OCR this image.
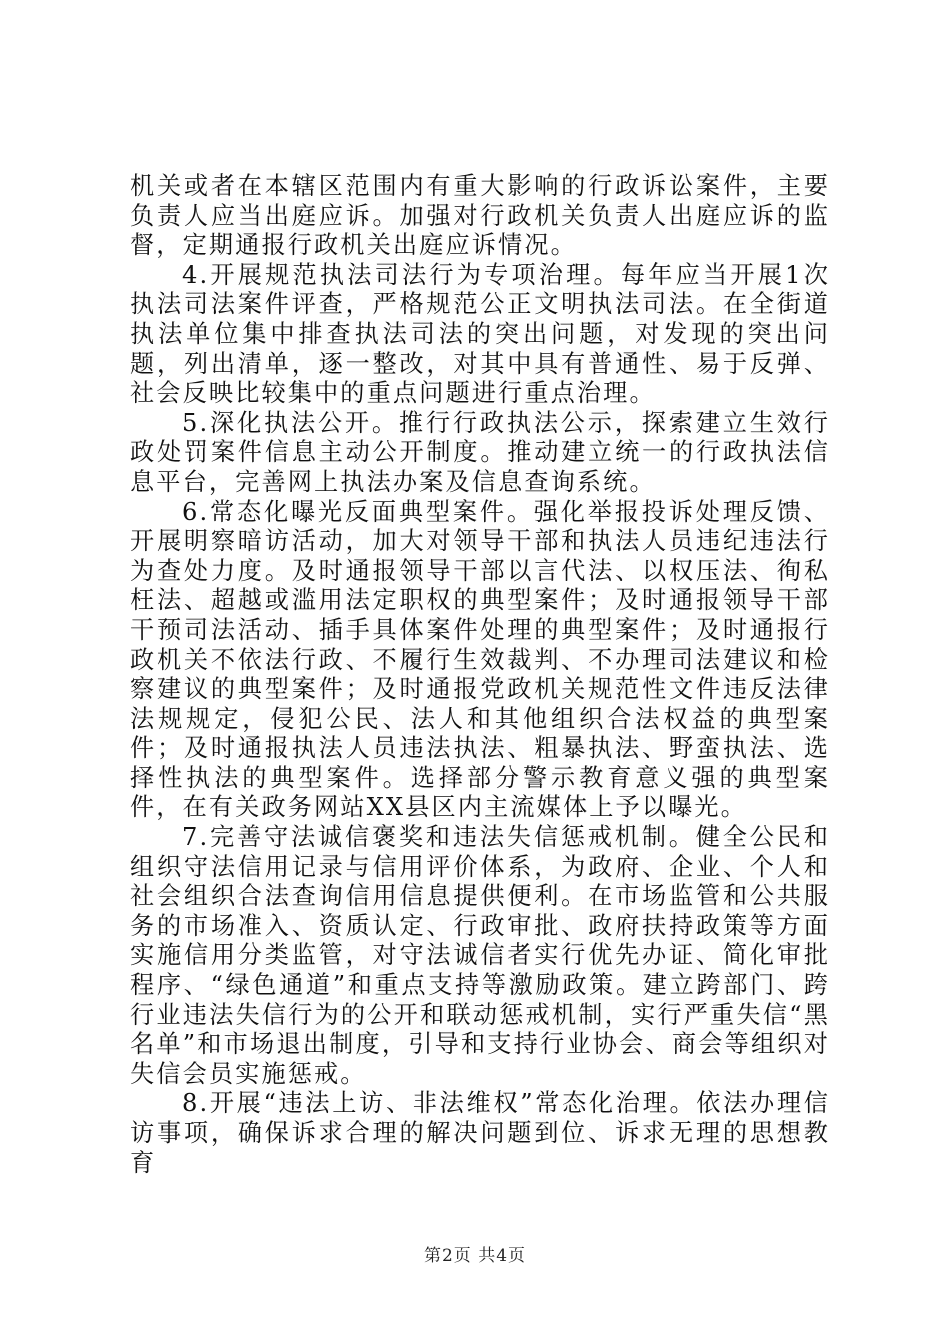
机关或者在本辖区范围内有重大影响的行政诉讼案件，主要负责人应当出庭应诉。加强对行政机关负责人出庭应诉的监督，定期通报行政机关出庭应诉情况。

4.开展规范执法司法行为专项治理。每年应当开展1次执法司法案件评查，严格规范公正文明执法司法。在全街道执法单位集中排查执法司法的突出问题，对发现的突出问题，列出清单，逐一整改，对其中具有普通性、易于反弹、社会反映比较集中的重点问题进行重点治理。

5.深化执法公开。推行行政执法公示，探索建立生效行政处罚案件信息主动公开制度。推动建立统一的行政执法信息平台，完善网上执法办案及信息查询系统。

6.常态化曝光反面典型案件。强化举报投诉处理反馈、开展明察暗访活动，加大对领导干部和执法人员违纪违法行为查处力度。及时通报领导干部以言代法、以权压法、徇私枉法、超越或滥用法定职权的典型案件；及时通报领导干部干预司法活动、插手具体案件处理的典型案件；及时通报行政机关不依法行政、不履行生效裁判、不办理司法建议和检察建议的典型案件；及时通报党政机关规范性文件违反法律法规规定，侵犯公民、法人和其他组织合法权益的典型案件；及时通报执法人员违法执法、粗暴执法、野蛮执法、选择性执法的典型案件。选择部分警示教育意义强的典型案件，在有关政务网站XX县区内主流媒体上予以曝光。

7.完善守法诚信褒奖和违法失信惩戒机制。健全公民和组织守法信用记录与信用评价体系，为政府、企业、个人和社会组织合法查询信用信息提供便利。在市场监管和公共服务的市场准入、资质认定、行政审批、政府扶持政策等方面实施信用分类监管，对守法诚信者实行优先办证、简化审批程序、“绿色通道”和重点支持等激励政策。建立跨部门、跨行业违法失信行为的公开和联动惩戒机制，实行严重失信“黑名单”和市场退出制度，引导和支持行业协会、商会等组织对失信会员实施惩戒。

8.开展“违法上访、非法维权”常态化治理。依法办理信访事项，确保诉求合理的解决问题到位、诉求无理的思想教育

第2页 共4页
